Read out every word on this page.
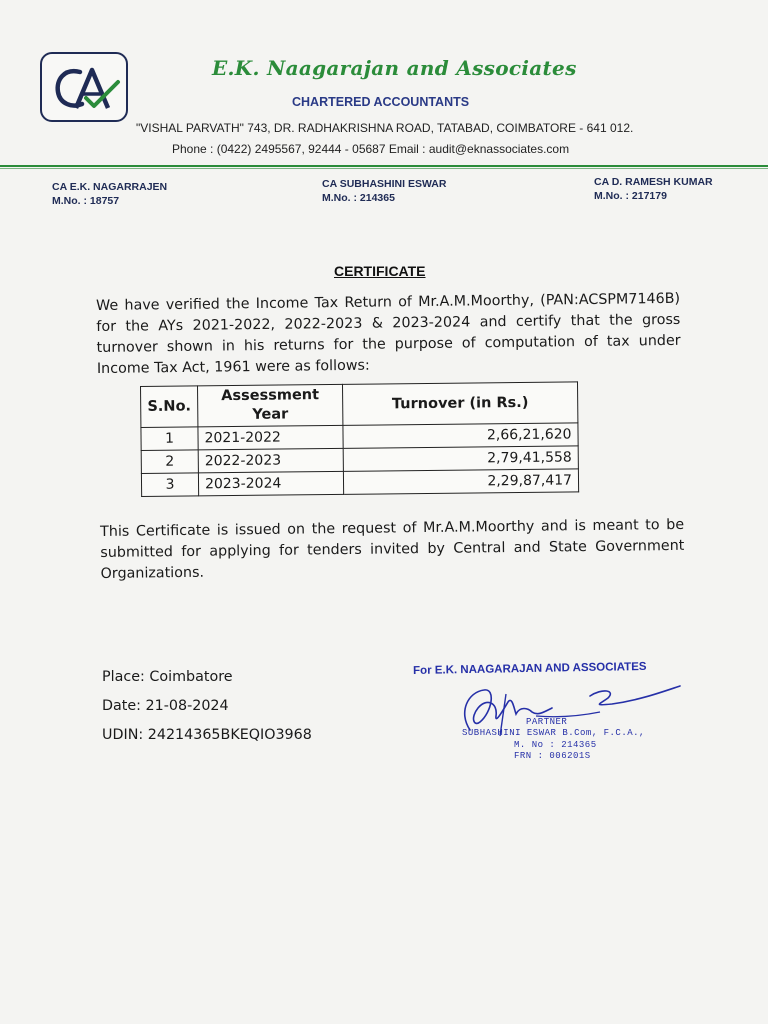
E.K. Naagarajan and Associates
CHARTERED ACCOUNTANTS
"VISHAL PARVATH" 743, DR. RADHAKRISHNA ROAD, TATABAD, COIMBATORE - 641 012.
Phone : (0422) 2495567, 92444 - 05687 Email : audit@eknassociates.com
CA E.K. NAGARRAJEN
M.No. : 18757
CA SUBHASHINI ESWAR
M.No. : 214365
CA D. RAMESH KUMAR
M.No. : 217179
CERTIFICATE
We have verified the Income Tax Return of Mr.A.M.Moorthy, (PAN:ACSPM7146B) for the AYs 2021-2022, 2022-2023 & 2023-2024 and certify that the gross turnover shown in his returns for the purpose of computation of tax under Income Tax Act, 1961 were as follows:
S.No.	Assessment Year	Turnover (in Rs.)
1	2021-2022	2,66,21,620
2	2022-2023	2,79,41,558
3	2023-2024	2,29,87,417
This Certificate is issued on the request of Mr.A.M.Moorthy and is meant to be submitted for applying for tenders invited by Central and State Government Organizations.
Place: Coimbatore
Date: 21-08-2024
UDIN: 24214365BKEQIO3968
For E.K. NAAGARAJAN AND ASSOCIATES
PARTNER
SUBHASHINI ESWAR B.Com, F.C.A.,
M. No : 214365
FRN : 006201S
